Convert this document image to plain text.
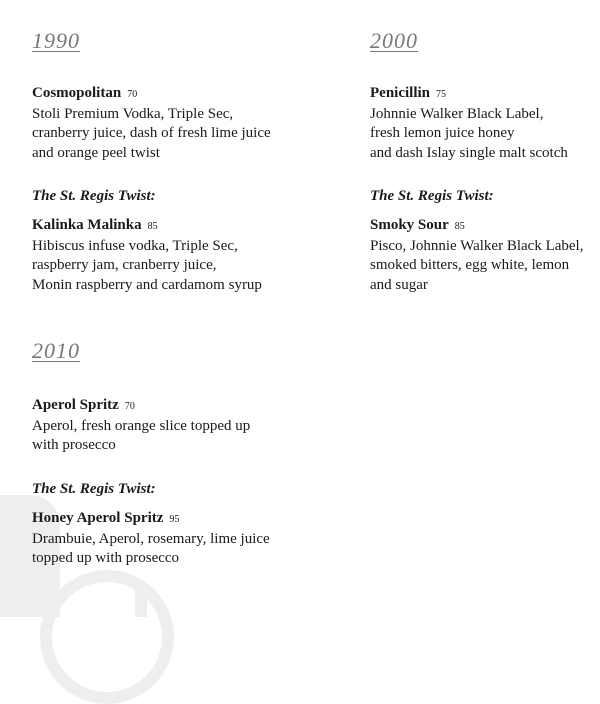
1990
Cosmopolitan 70
Stoli Premium Vodka, Triple Sec,
cranberry juice, dash of fresh lime juice
and orange peel twist
The St. Regis Twist:
Kalinka Malinka 85
Hibiscus infuse vodka, Triple Sec,
raspberry jam, cranberry juice,
Monin raspberry and cardamom syrup
2000
Penicillin 75
Johnnie Walker Black Label,
fresh lemon juice honey
and dash Islay single malt scotch
The St. Regis Twist:
Smoky Sour 85
Pisco, Johnnie Walker Black Label,
smoked bitters, egg white, lemon
and sugar
2010
Aperol Spritz 70
Aperol, fresh orange slice topped up
with prosecco
The St. Regis Twist:
Honey Aperol Spritz 95
Drambuie, Aperol, rosemary, lime juice
topped up with prosecco
